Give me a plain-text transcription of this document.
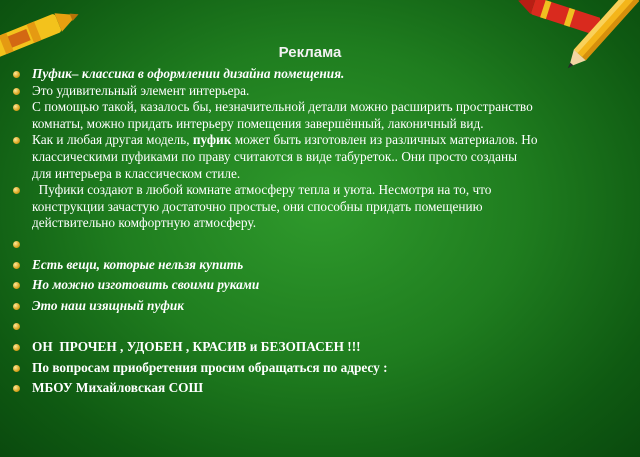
Реклама

Пуфик– классика в оформлении дизайна помещения.

Это удивительный элемент интерьера.

С помощью такой, казалось бы, незначительной детали можно расширить пространство
комнаты, можно придать интерьеру помещения завершённый, лаконичный вид.

Как и любая другая модель, пуфик может быть изготовлен из различных материалов. Но
классическими пуфиками по праву считаются в виде табуреток.. Они просто созданы
для интерьера в классическом стиле.

Пуфики создают в любой комнате атмосферу тепла и уюта. Несмотря на то, что
конструкции зачастую достаточно простые, они способны придать помещению
действительно комфортную атмосферу.

Есть вещи, которые нельзя купить

Но можно изготовить своими руками

Это наш изящный пуфик

ОН  ПРОЧЕН , УДОБЕН , КРАСИВ и БЕЗОПАСЕН !!!

По вопросам приобретения просим обращаться по адресу :

МБОУ Михайловская СОШ
